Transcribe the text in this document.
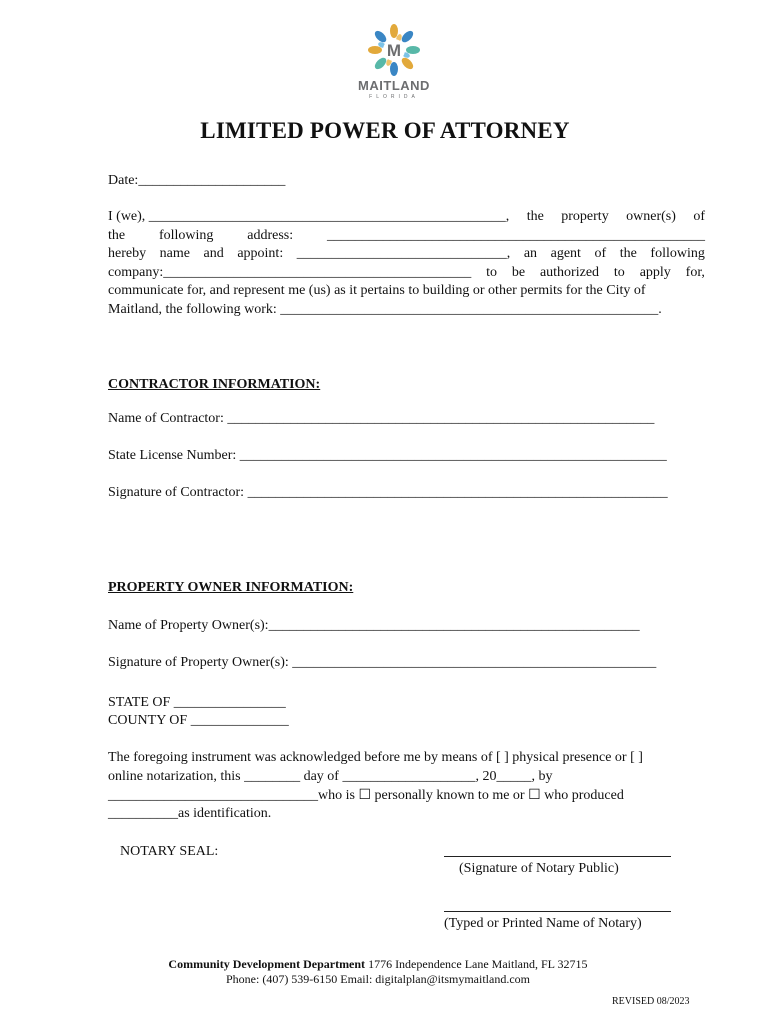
M
MAITLAND
FLORIDA
LIMITED POWER OF ATTORNEY
Date:_____________________
I (we), ___________________________________________________, the property owner(s) of
the following address: ______________________________________________________
hereby name and appoint: ______________________________, an agent of the following
company:____________________________________________ to be authorized to apply for,
communicate for, and represent me (us) as it pertains to building or other permits for the City of
Maitland, the following work: ______________________________________________________.
CONTRACTOR INFORMATION:
Name of Contractor: _____________________________________________________________
State License Number: _____________________________________________________________
Signature of Contractor: ____________________________________________________________
PROPERTY OWNER INFORMATION:
Name of Property Owner(s):_____________________________________________________
Signature of Property Owner(s): ____________________________________________________
STATE OF ________________
COUNTY OF ______________
The foregoing instrument was acknowledged before me by means of [ ] physical presence or [ ]
online notarization, this ________ day of ___________________, 20_____, by
______________________________who is ☐ personally known to me or ☐ who produced
__________as identification.
NOTARY SEAL:
(Signature of Notary Public)
(Typed or Printed Name of Notary)
Community Development Department 1776 Independence Lane Maitland, FL 32715
Phone: (407) 539-6150 Email: digitalplan@itsmymaitland.com
REVISED 08/2023
